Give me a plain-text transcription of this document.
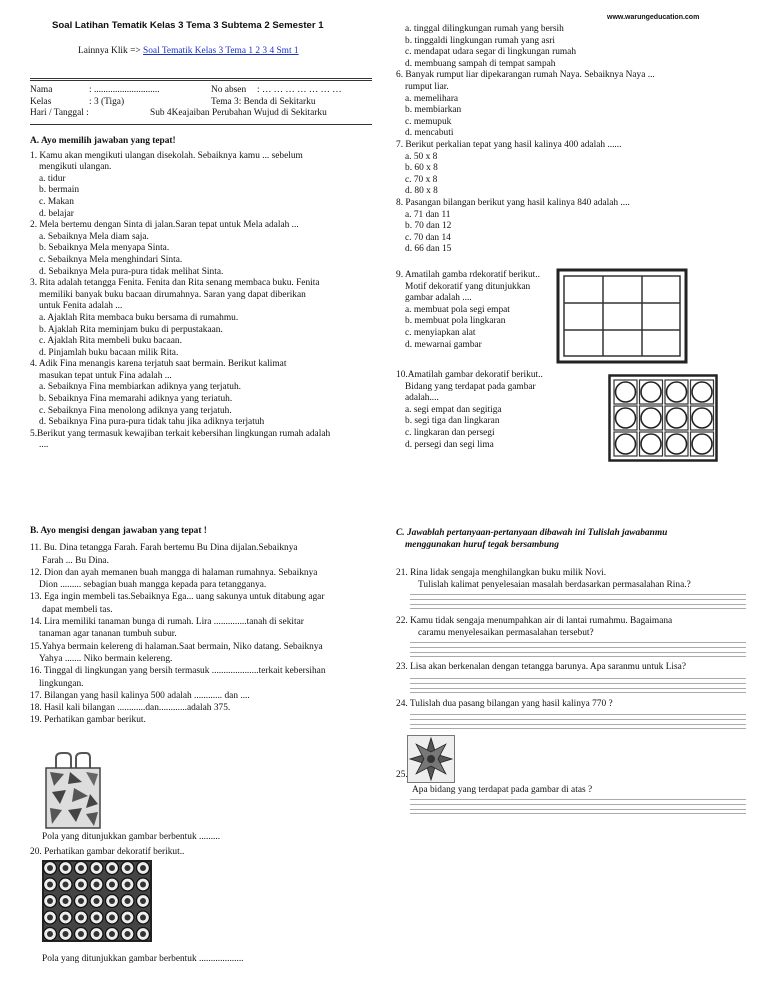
www.warungeducation.com
Soal Latihan Tematik Kelas 3 Tema 3 Subtema 2 Semester 1
Lainnya Klik => Soal Tematik Kelas 3 Tema 1 2 3 4 Smt 1
Nama	: ............................	No absen : … … … … … … …
Kelas	: 3 (Tiga)	Tema 3: Benda di Sekitarku
Hari / Tanggal :	Sub 4Keajaiban Perubahan Wujud di Sekitarku
A. Ayo memilih jawaban yang tepat!
1. Kamu akan mengikuti ulangan disekolah. Sebaiknya kamu ... sebelum
mengikuti ulangan.
a. tidur
b. bermain
c. Makan
d. belajar
2. Mela bertemu dengan Sinta di jalan.Saran tepat untuk Mela adalah ...
a. Sebaiknya Mela diam saja.
b. Sebaiknya Mela menyapa Sinta.
c. Sebaiknya Mela menghindari Sinta.
d. Sebaiknya Mela pura-pura tidak melihat Sinta.
3. Rita adalah tetangga Fenita. Fenita dan Rita senang membaca buku. Fenita
memiliki banyak buku bacaan dirumahnya. Saran yang dapat diberikan
untuk Fenita adalah ...
a. Ajaklah Rita membaca buku bersama di rumahmu.
b. Ajaklah Rita meminjam buku di perpustakaan.
c. Ajaklah Rita membeli buku bacaan.
d. Pinjamlah buku bacaan milik Rita.
4. Adik Fina menangis karena terjatuh saat bermain. Berikut kalimat
masukan tepat untuk Fina adalah ...
a. Sebaiknya Fina membiarkan adiknya yang terjatuh.
b. Sebaiknya Fina memarahi adiknya yang teriatuh.
c. Sebaiknya Fina menolong adiknya yang terjatuh.
d. Sebaiknya Fina pura-pura tidak tahu jika adiknya terjatuh
5.Berikut yang termasuk kewajiban terkait kebersihan lingkungan rumah adalah
....
a. tinggal dilingkungan rumah yang bersih
b. tinggaldi lingkungan rumah yang asri
c. mendapat udara segar di lingkungan rumah
d. membuang sampah di tempat sampah
6. Banyak rumput liar dipekarangan rumah Naya. Sebaiknya Naya ...
rumput liar.
a. memelihara
b. membiarkan
c. memupuk
d. mencabuti
7. Berikut perkalian tepat yang hasil kalinya 400 adalah ......
a. 50 x 8
b. 60 x 8
c. 70 x 8
d. 80 x 8
8. Pasangan bilangan berikut yang hasil kalinya 840 adalah ....
a. 71 dan 11
b. 70 dan 12
c. 70 dan 14
d. 66 dan 15
9. Amatilah gamba rdekoratif berikut..
Motif dekoratif yang ditunjukkan
gambar adalah ....
a. membuat pola segi empat
b. membuat pola lingkaran
c. menyiapkan alat
d. mewarnai gambar
10.Amatilah gambar dekoratif berikut..
Bidang yang terdapat pada gambar
adalah....
a. segi empat dan segitiga
b. segi tiga dan lingkaran
c. lingkaran dan persegi
d. persegi dan segi lima
B. Ayo mengisi dengan jawaban yang tepat !
11. Bu. Dina tetangga Farah. Farah bertemu Bu Dina dijalan.Sebaiknya
Farah ... Bu Dina.
12. Dion dan ayah memanen buah mangga di halaman rumahnya. Sebaiknya
Dion ......... sebagian buah mangga kepada para tetangganya.
13. Ega ingin membeli tas.Sebaiknya Ega... uang sakunya untuk ditabung agar
dapat membeli tas.
14. Lira memiliki tanaman bunga di rumah. Lira ..............tanah di sekitar
tanaman agar tananan tumbuh subur.
15.Yahya bermain kelereng di halaman.Saat bermain, Niko datang. Sebaiknya
Yahya ....... Niko bermain kelereng.
16. Tinggal di lingkungan yang bersih termasuk ....................terkait kebersihan
lingkungan.
17. Bilangan yang hasil kalinya 500 adalah ............ dan ....
18. Hasil kali bilangan ............dan............adalah 375.
19. Perhatikan gambar berikut.
Pola yang ditunjukkan gambar berbentuk .........
20. Perhatikan gambar dekoratif berikut..
Pola yang ditunjukkan gambar berbentuk ...................
C. Jawablah pertanyaan-pertanyaan dibawah ini Tulislah jawabanmu
menggunakan huruf tegak bersambung
21. Rina lidak sengaja menghilangkan buku milik Novi.
Tulislah kalimat penyelesaian masalah berdasarkan permasalahan Rina.?
22. Kamu tidak sengaja menumpahkan air di lantai rumahmu. Bagaimana
caramu menyelesaikan permasalahan tersebut?
23. Lisa akan berkenalan dengan tetangga barunya. Apa saranmu untuk Lisa?
24. Tulislah dua pasang bilangan yang hasil kalinya 770 ?
25.
Apa bidang yang terdapat pada gambar di atas ?
